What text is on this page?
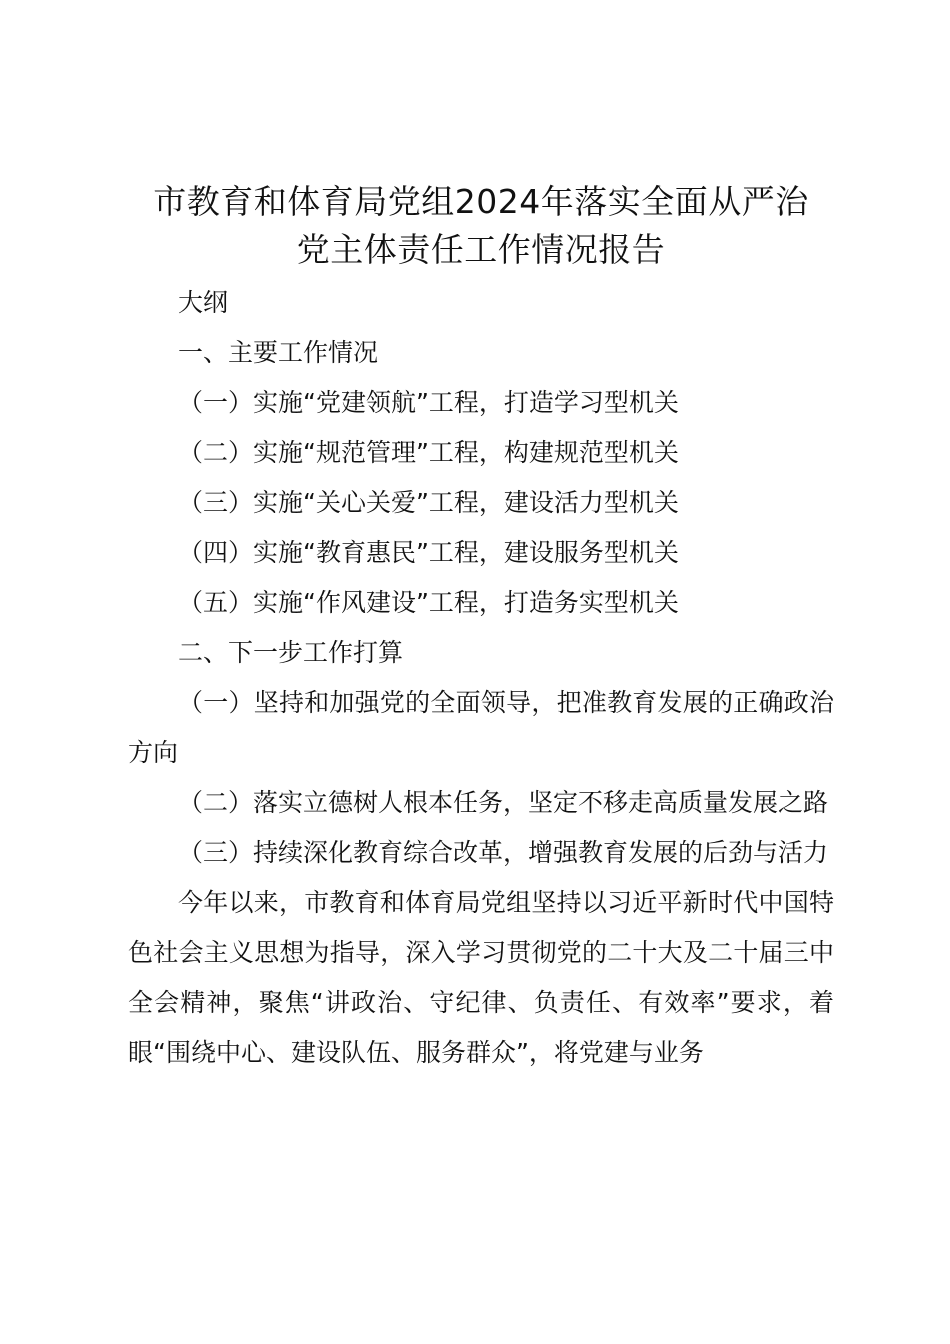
市教育和体育局党组2024年落实全面从严治
党主体责任工作情况报告
大纲
一、主要工作情况
（一）实施“党建领航”工程，打造学习型机关
（二）实施“规范管理”工程，构建规范型机关
（三）实施“关心关爱”工程，建设活力型机关
（四）实施“教育惠民”工程，建设服务型机关
（五）实施“作风建设”工程，打造务实型机关
二、下一步工作打算
（一）坚持和加强党的全面领导，把准教育发展的正确政治方向
（二）落实立德树人根本任务，坚定不移走高质量发展之路
（三）持续深化教育综合改革，增强教育发展的后劲与活力
今年以来，市教育和体育局党组坚持以习近平新时代中国特色社会主义思想为指导，深入学习贯彻党的二十大及二十届三中全会精神，聚焦“讲政治、守纪律、负责任、有效率”要求，着眼“围绕中心、建设队伍、服务群众”，将党建与业务
